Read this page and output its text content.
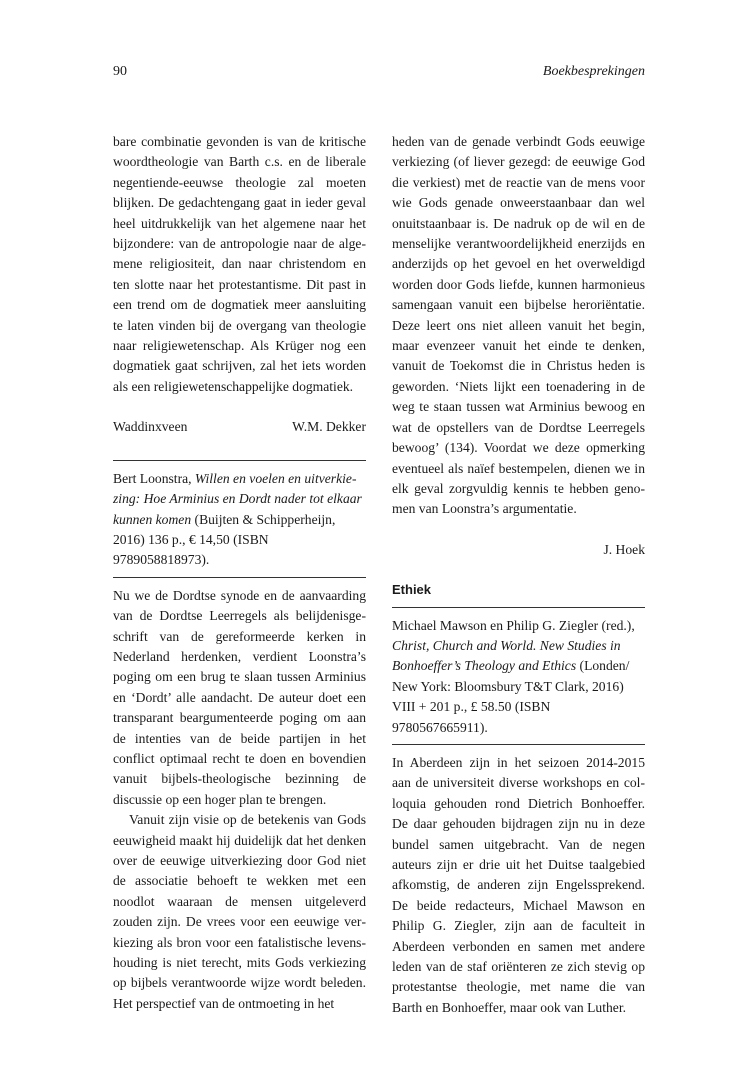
90	Boekbesprekingen

bare combinatie gevonden is van de kritische woordtheologie van Barth c.s. en de liberale negentiende-eeuwse theologie zal moeten blijken. De gedachtengang gaat in ieder geval heel uitdrukkelijk van het algemene naar het bijzondere: van de antropologie naar de algemene religiositeit, dan naar christendom en ten slotte naar het protestantisme. Dit past in een trend om de dogmatiek meer aansluiting te laten vinden bij de overgang van theologie naar religiewetenschap. Als Krüger nog een dogmatiek gaat schrijven, zal het iets worden als een religiewetenschappelijke dogmatiek.

Waddinxveen	W.M. Dekker

Bert Loonstra, Willen en voelen en uitverkiezing: Hoe Arminius en Dordt nader tot elkaar kunnen komen (Buijten & Schipperheijn, 2016) 136 p., € 14,50 (ISBN 9789058818973).

Nu we de Dordtse synode en de aanvaarding van de Dordtse Leerregels als belijdenisgeschrift van de gereformeerde kerken in Nederland herdenken, verdient Loonstra’s poging om een brug te slaan tussen Arminius en ‘Dordt’ alle aandacht. De auteur doet een transparant beargumenteerde poging om aan de intenties van de beide partijen in het conflict optimaal recht te doen en bovendien vanuit bijbels-theologische bezinning de discussie op een hoger plan te brengen.

Vanuit zijn visie op de betekenis van Gods eeuwigheid maakt hij duidelijk dat het denken over de eeuwige uitverkiezing door God niet de associatie behoeft te wekken met een noodlot waaraan de mensen uitgeleverd zouden zijn. De vrees voor een eeuwige verkiezing als bron voor een fatalistische levenshouding is niet terecht, mits Gods verkiezing op bijbels verantwoorde wijze wordt beleden. Het perspectief van de ontmoeting in het

heden van de genade verbindt Gods eeuwige verkiezing (of liever gezegd: de eeuwige God die verkiest) met de reactie van de mens voor wie Gods genade onweerstaanbaar dan wel onuitstaanbaar is. De nadruk op de wil en de menselijke verantwoordelijkheid enerzijds en anderzijds op het gevoel en het overweldigd worden door Gods liefde, kunnen harmonieus samengaan vanuit een bijbelse heroriëntatie. Deze leert ons niet alleen vanuit het begin, maar evenzeer vanuit het einde te denken, vanuit de Toekomst die in Christus heden is geworden. ‘Niets lijkt een toenadering in de weg te staan tussen wat Arminius bewoog en wat de opstellers van de Dordtse Leerregels bewoog’ (134). Voordat we deze opmerking eventueel als naïef bestempelen, dienen we in elk geval zorgvuldig kennis te hebben genomen van Loonstra’s argumentatie.

J. Hoek
Ethiek

Michael Mawson en Philip G. Ziegler (red.), Christ, Church and World. New Studies in Bonhoeffer’s Theology and Ethics (Londen/ New York: Bloomsbury T&T Clark, 2016) VIII + 201 p., £ 58.50 (ISBN 9780567665911).

In Aberdeen zijn in het seizoen 2014-2015 aan de universiteit diverse workshops en colloquia gehouden rond Dietrich Bonhoeffer. De daar gehouden bijdragen zijn nu in deze bundel samen uitgebracht. Van de negen auteurs zijn er drie uit het Duitse taalgebied afkomstig, de anderen zijn Engelssprekend. De beide redacteurs, Michael Mawson en Philip G. Ziegler, zijn aan de faculteit in Aberdeen verbonden en samen met andere leden van de staf oriënteren ze zich stevig op protestantse theologie, met name die van Barth en Bonhoeffer, maar ook van Luther.
